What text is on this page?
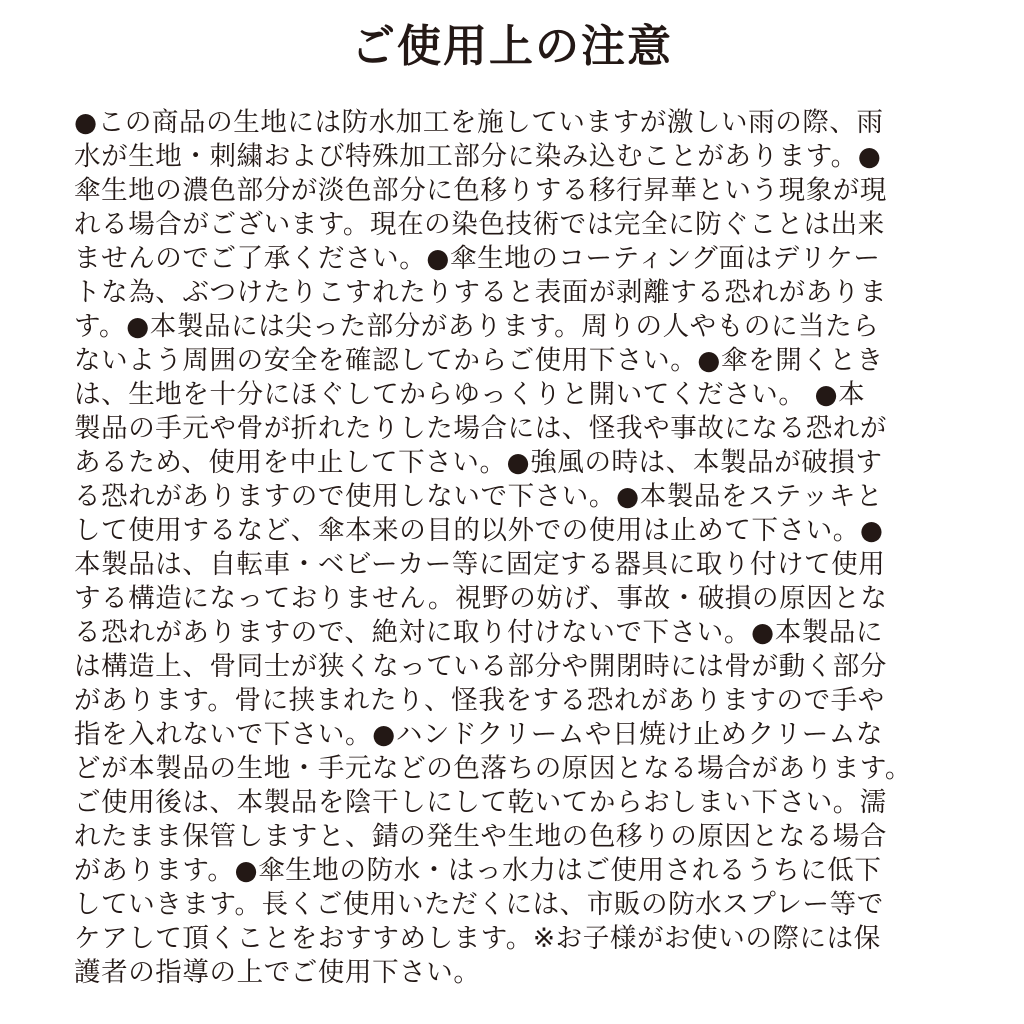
ご使用上の注意
●この商品の生地には防水加工を施していますが激しい雨の際、雨
水が生地・刺繍および特殊加工部分に染み込むことがあります。●
傘生地の濃色部分が淡色部分に色移りする移行昇華という現象が現
れる場合がございます。現在の染色技術では完全に防ぐことは出来
ませんのでご了承ください。●傘生地のコーティング面はデリケー
トな為、ぶつけたりこすれたりすると表面が剥離する恐れがありま
す。●本製品には尖った部分があります。周りの人やものに当たら
ないよう周囲の安全を確認してからご使用下さい。●傘を開くとき
は、生地を十分にほぐしてからゆっくりと開いてください。 ●本
製品の手元や骨が折れたりした場合には、怪我や事故になる恐れが
あるため、使用を中止して下さい。●強風の時は、本製品が破損す
る恐れがありますので使用しないで下さい。●本製品をステッキと
して使用するなど、傘本来の目的以外での使用は止めて下さい。●
本製品は、自転車・ベビーカー等に固定する器具に取り付けて使用
する構造になっておりません。視野の妨げ、事故・破損の原因とな
る恐れがありますので、絶対に取り付けないで下さい。●本製品に
は構造上、骨同士が狭くなっている部分や開閉時には骨が動く部分
があります。骨に挟まれたり、怪我をする恐れがありますので手や
指を入れないで下さい。●ハンドクリームや日焼け止めクリームな
どが本製品の生地・手元などの色落ちの原因となる場合があります。
ご使用後は、本製品を陰干しにして乾いてからおしまい下さい。濡
れたまま保管しますと、錆の発生や生地の色移りの原因となる場合
があります。●傘生地の防水・はっ水力はご使用されるうちに低下
していきます。長くご使用いただくには、市販の防水スプレー等で
ケアして頂くことをおすすめします。※お子様がお使いの際には保
護者の指導の上でご使用下さい。
